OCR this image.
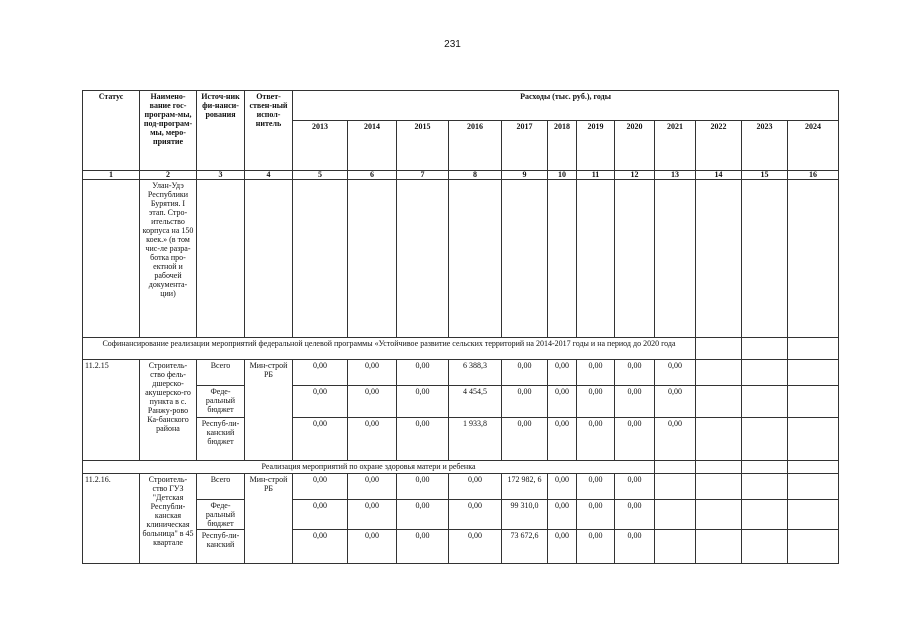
231
Статус	Наимено-вание гос-програм-мы, под-програм-мы, меро-приятие	Источ-ник фи-нанси-рования	Ответ-ствен-ный испол-нитель	Расходы (тыс. руб.), годы											
				2013	2014	2015	2016	2017	2018	2019	2020	2021	2022	2023	2024
1	2	3	4	5	6	7	8	9	10	11	12	13	14	15	16
	Улан-Удэ Республики Бурятия. I этап. Стро-ительство корпуса на 150 коек.» (в том чис-ле разра-ботка про-ектной и рабочей документа-ции)														
Софинансирование реализации мероприятий федеральной целевой программы «Устойчивое развитие сельских территорий на 2014-2017 годы и на период до 2020 года															
11.2.15	Строитель-ство фель-дшерско-акушерско-го пункта в с. Ранжу-рово Ка-банского района	Всего	Мин-строй РБ	0,00	0,00	0,00	6 388,3	0,00	0,00	0,00	0,00	0,00			
		Феде-ральный бюджет		0,00	0,00	0,00	4 454,5	0,00	0,00	0,00	0,00	0,00			
		Респуб-ли-канский бюджет		0,00	0,00	0,00	1 933,8	0,00	0,00	0,00	0,00	0,00			
Реализация мероприятий по охране здоровья матери и ребенка															
11.2.16.	Строитель-ство ГУЗ "Детская Республи-канская клиническая больница" в 45 квартале	Всего	Мин-строй РБ	0,00	0,00	0,00	0,00	172 982, 6	0,00	0,00	0,00				
		Феде-ральный бюджет		0,00	0,00	0,00	0,00	99 310,0	0,00	0,00	0,00				
		Респуб-ли-канский		0,00	0,00	0,00	0,00	73 672,6	0,00	0,00	0,00				
